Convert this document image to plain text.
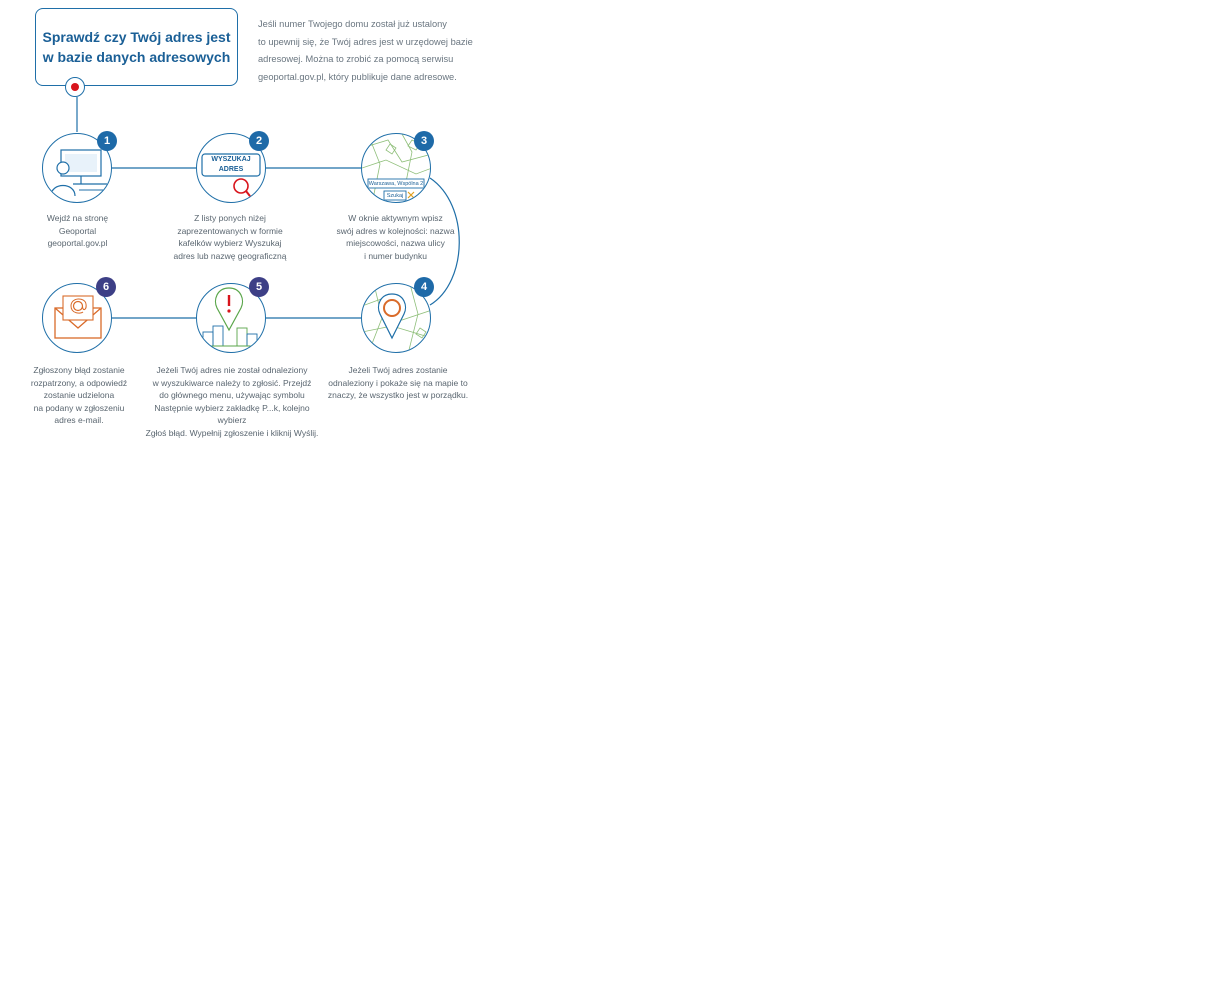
Sprawdź czy Twój adres jest
w bazie danych adresowych
Jeśli numer Twojego domu został już ustalony
to upewnij się, że Twój adres jest w urzędowej bazie
adresowej. Można to zrobić za pomocą serwisu
geoportal.gov.pl, który publikuje dane adresowe.
1
Wejdź na stronę
Geoportal
geoportal.gov.pl
WYSZUKAJ
ADRES
2
Z listy ponych niżej
zaprezentowanych w formie
kafelków wybierz Wyszukaj
adres lub nazwę geograficzną
Warszawa, Wspólna 2
Szukaj
3
W oknie aktywnym wpisz
swój adres w kolejności: nazwa
miejscowości, nazwa ulicy
i numer budynku
4
Jeżeli Twój adres zostanie
odnaleziony i pokaże się na mapie to
znaczy, że wszystko jest w porządku.
5
Jeżeli Twój adres nie został odnaleziony
w wyszukiwarce należy to zgłosić. Przejdź
do głównego menu, używając symbolu
Następnie wybierz zakładkę P...k, kolejno wybierz
Zgłoś błąd. Wypełnij zgłoszenie i kliknij Wyślij.
6
Zgłoszony błąd zostanie
rozpatrzony, a odpowiedź
zostanie udzielona
na podany w zgłoszeniu
adres e-mail.
